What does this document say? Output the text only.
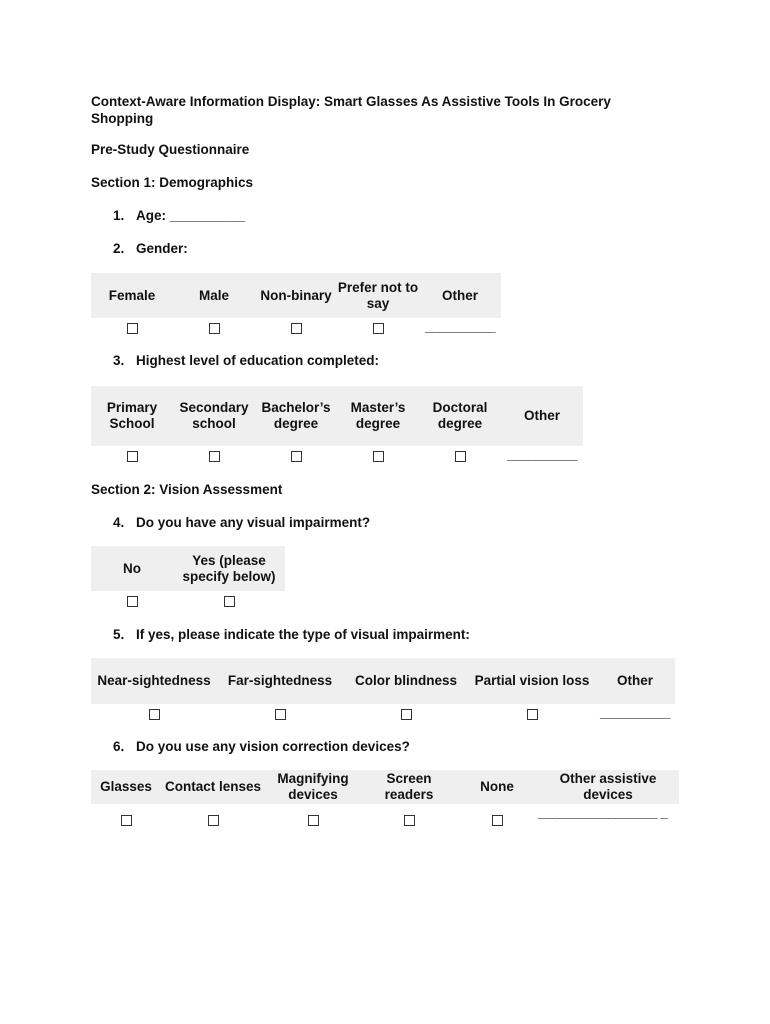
Context-Aware Information Display: Smart Glasses As Assistive Tools In Grocery Shopping
Pre-Study Questionnaire
Section 1: Demographics
1. Age: __________
2. Gender:
Female	Male	Non-binary	Prefer not to say	Other
				__________
3. Highest level of education completed:
Primary School	Secondary school	Bachelor’s degree	Master’s degree	Doctoral degree	Other
					__________
Section 2: Vision Assessment
4. Do you have any visual impairment?
No	Yes (please specify below)

5. If yes, please indicate the type of visual impairment:
Near-sightedness	Far-sightedness	Color blindness	Partial vision loss	Other
				__________
6. Do you use any vision correction devices?
Glasses	Contact lenses	Magnifying devices	Screen readers	None	Other assistive devices
					_________________ _
